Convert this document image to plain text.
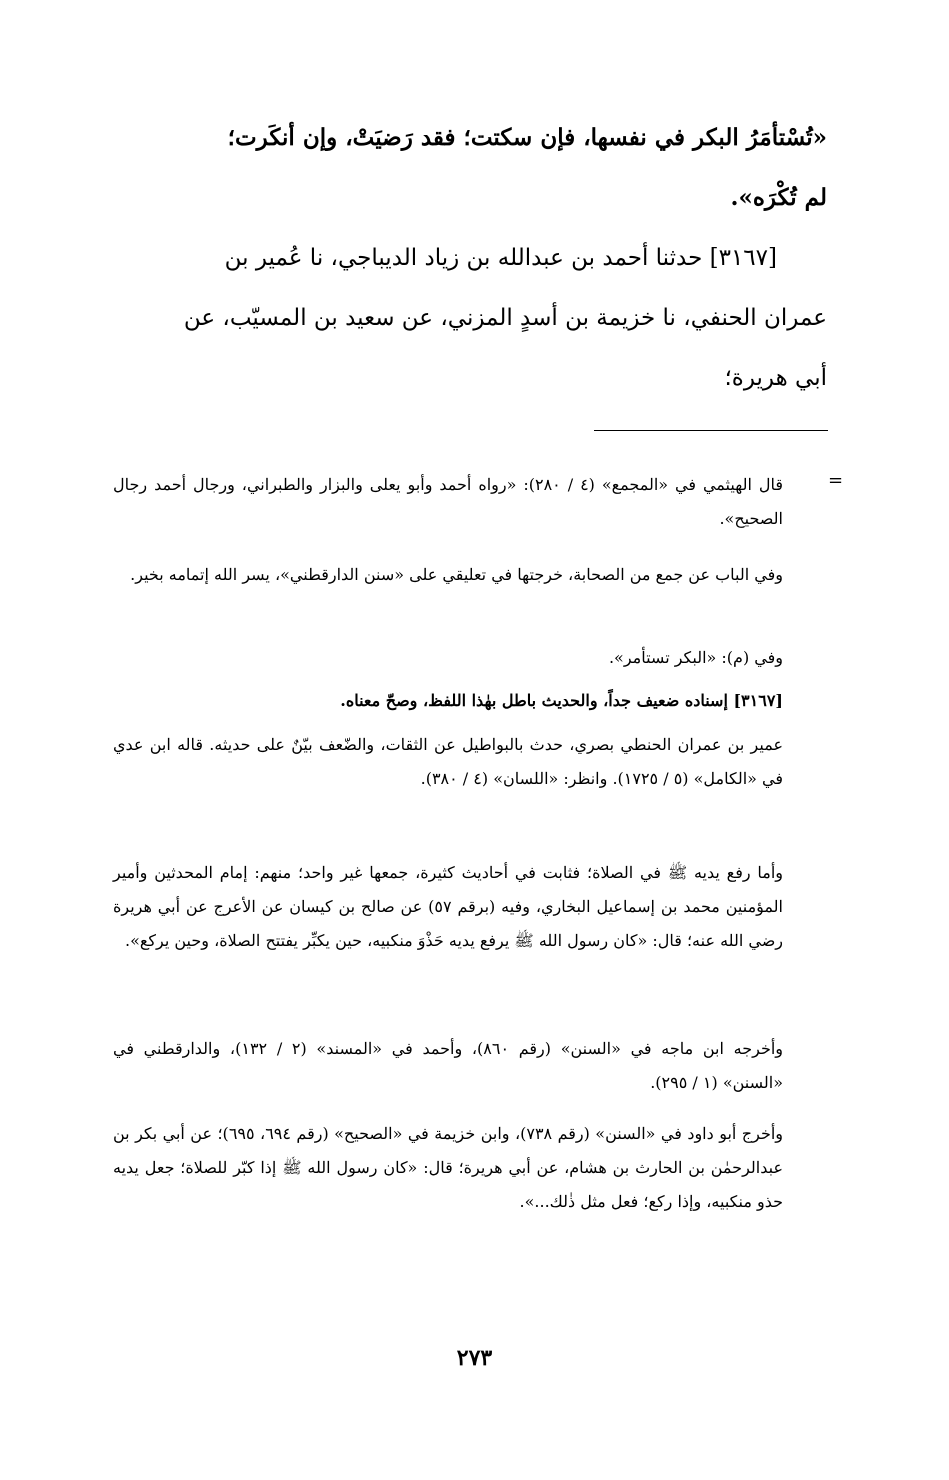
«تُسْتأمَرُ البكر في نفسها، فإن سكتت؛ فقد رَضيَتْ، وإن أنكَرت؛

لم تُكْرَه».

[٣١٦٧] حدثنا أحمد بن عبدالله بن زياد الديباجي، نا عُمير بن

عمران الحنفي، نا خزيمة بن أسدٍ المزني، عن سعيد بن المسيّب، عن

أبي هريرة؛

=

قال الهيثمي في «المجمع» (٤ / ٢٨٠): «رواه أحمد وأبو يعلى والبزار والطبراني، ورجال أحمد رجال الصحيح».

وفي الباب عن جمع من الصحابة، خرجتها في تعليقي على «سنن الدارقطني»، يسر الله إتمامه بخير.

وفي (م): «البكر تستأمر».

[٣١٦٧] إسناده ضعيف جداً، والحديث باطل بهٰذا اللفظ، وصحّ معناه.

عمير بن عمران الحنطي بصري، حدث بالبواطيل عن الثقات، والضّعف بيّنٌ على حديثه. قاله ابن عدي في «الكامل» (٥ / ١٧٢٥). وانظر: «اللسان» (٤ / ٣٨٠).

وأما رفع يديه ﷺ في الصلاة؛ فثابت في أحاديث كثيرة، جمعها غير واحد؛ منهم: إمام المحدثين وأمير المؤمنين محمد بن إسماعيل البخاري، وفيه (برقم ٥٧) عن صالح بن كيسان عن الأعرج عن أبي هريرة رضي الله عنه؛ قال: «كان رسول الله ﷺ يرفع يديه حَذْوَ منكبيه، حين يكبِّر يفتتح الصلاة، وحين يركع».

وأخرجه ابن ماجه في «السنن» (رقم ٨٦٠)، وأحمد في «المسند» (٢ / ١٣٢)، والدارقطني في «السنن» (١ / ٢٩٥).

وأخرج أبو داود في «السنن» (رقم ٧٣٨)، وابن خزيمة في «الصحيح» (رقم ٦٩٤، ٦٩٥)؛ عن أبي بكر بن عبدالرحمٰن بن الحارث بن هشام، عن أبي هريرة؛ قال: «كان رسول الله ﷺ إذا كبّر للصلاة؛ جعل يديه حذو منكبيه، وإذا ركع؛ فعل مثل ذٰلك...».

٢٧٣
